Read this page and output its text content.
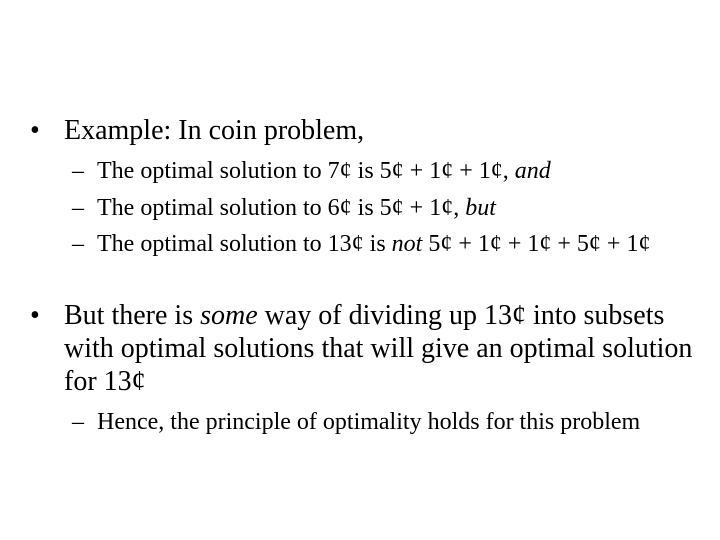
• Example: In coin problem,
– The optimal solution to 7¢ is 5¢ + 1¢ + 1¢, and
– The optimal solution to 6¢ is 5¢ + 1¢, but
– The optimal solution to 13¢ is not 5¢ + 1¢ + 1¢ + 5¢ + 1¢
• But there is some way of dividing up 13¢ into subsets with optimal solutions that will give an optimal solution for 13¢
– Hence, the principle of optimality holds for this problem
